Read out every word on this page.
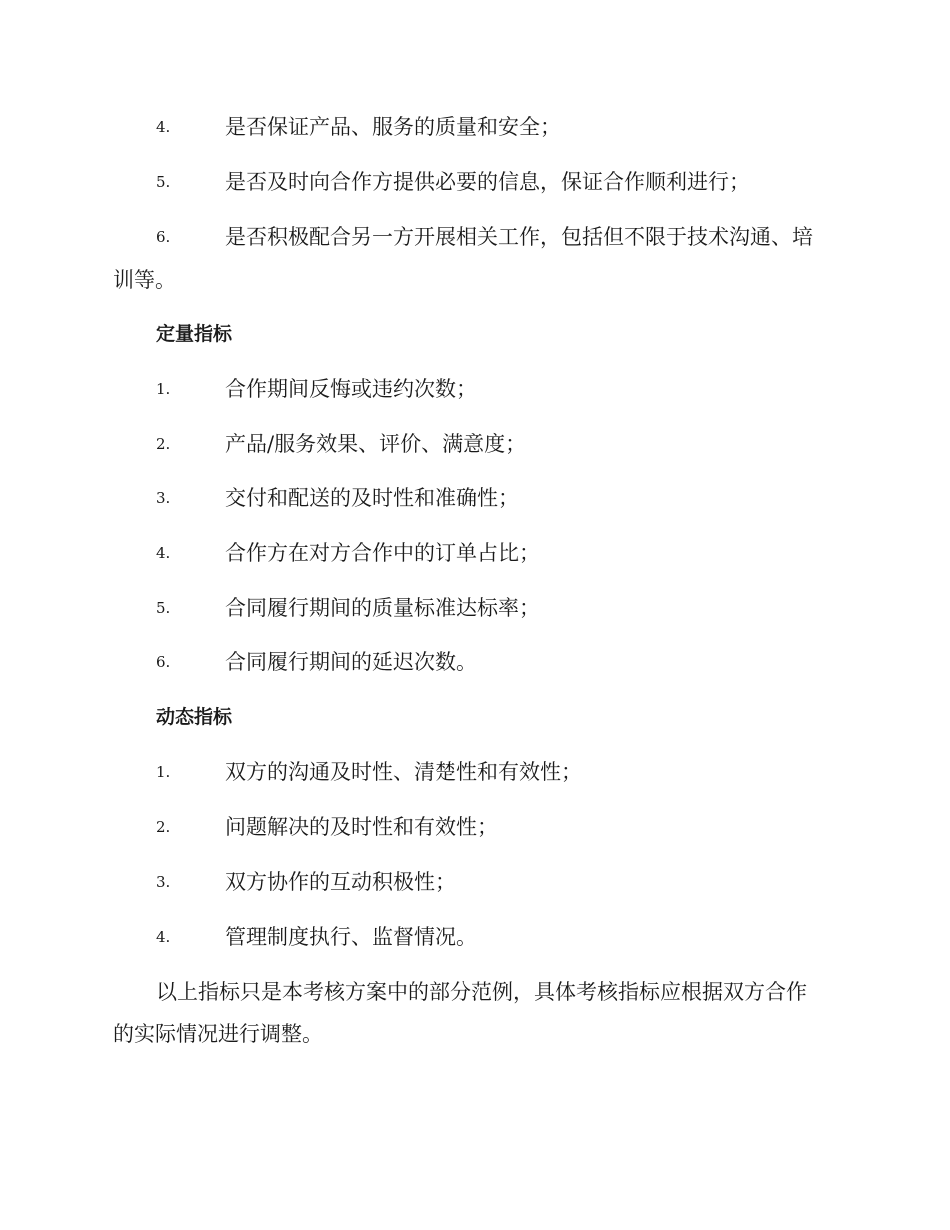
4.	是否保证产品、服务的质量和安全；
5.	是否及时向合作方提供必要的信息，保证合作顺利进行；
6.	是否积极配合另一方开展相关工作，包括但不限于技术沟通、培
训等。
定量指标
1.	合作期间反悔或违约次数；
2.	产品/服务效果、评价、满意度；
3.	交付和配送的及时性和准确性；
4.	合作方在对方合作中的订单占比；
5.	合同履行期间的质量标准达标率；
6.	合同履行期间的延迟次数。
动态指标
1.	双方的沟通及时性、清楚性和有效性；
2.	问题解决的及时性和有效性；
3.	双方协作的互动积极性；
4.	管理制度执行、监督情况。
以上指标只是本考核方案中的部分范例，具体考核指标应根据双方合作
的实际情况进行调整。
